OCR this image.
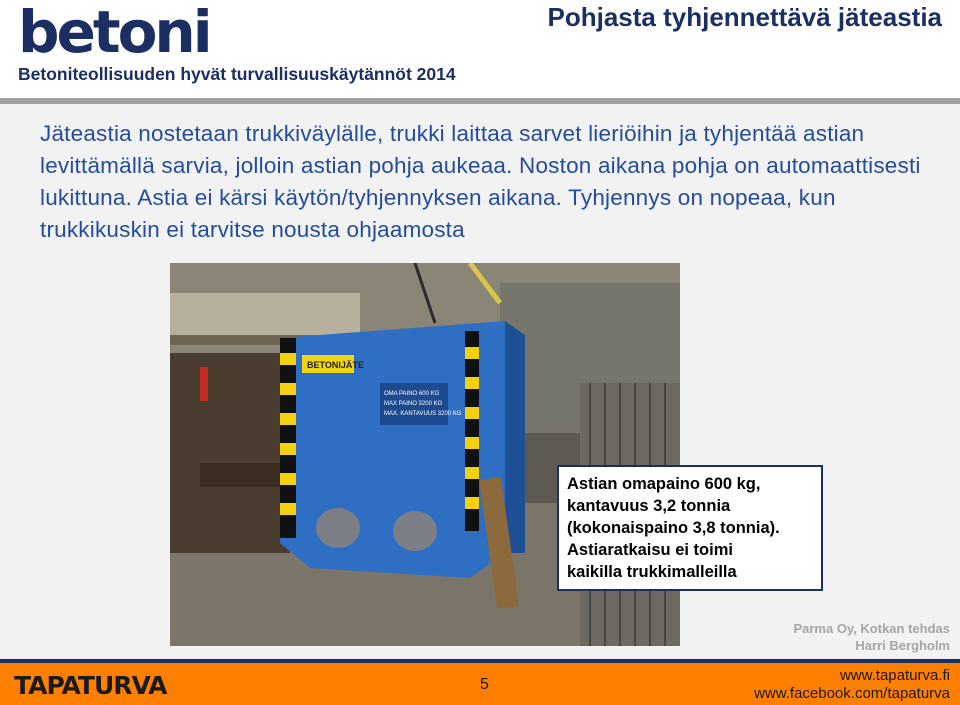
betoni
Betoniteollisuuden hyvät turvallisuuskäytännöt 2014
Pohjasta tyhjennettävä jäteastia

Jäteastia nostetaan trukkiväylälle, trukki laittaa sarvet lieriöihin ja tyhjentää astian levittämällä sarvia, jolloin astian pohja aukeaa. Noston aikana pohja on automaattisesti lukittuna. Astia ei kärsi käytön/tyhjennyksen aikana. Tyhjennys on nopeaa, kun trukkikuskin ei tarvitse nousta ohjaamosta

BETONIJÄTE
OMA PAINO 600 KG
MAX PAINO 3200 KG
MAX. KANTAVUUS 3200 KG
Astian omapaino 600 kg,
kantavuus 3,2 tonnia
(kokonaispaino 3,8 tonnia).
Astiaratkaisu ei toimi
kaikilla trukkimalleilla
Parma Oy, Kotkan tehdas
Harri Bergholm
TAPATURVA	5
www.tapaturva.fi
www.facebook.com/tapaturva
